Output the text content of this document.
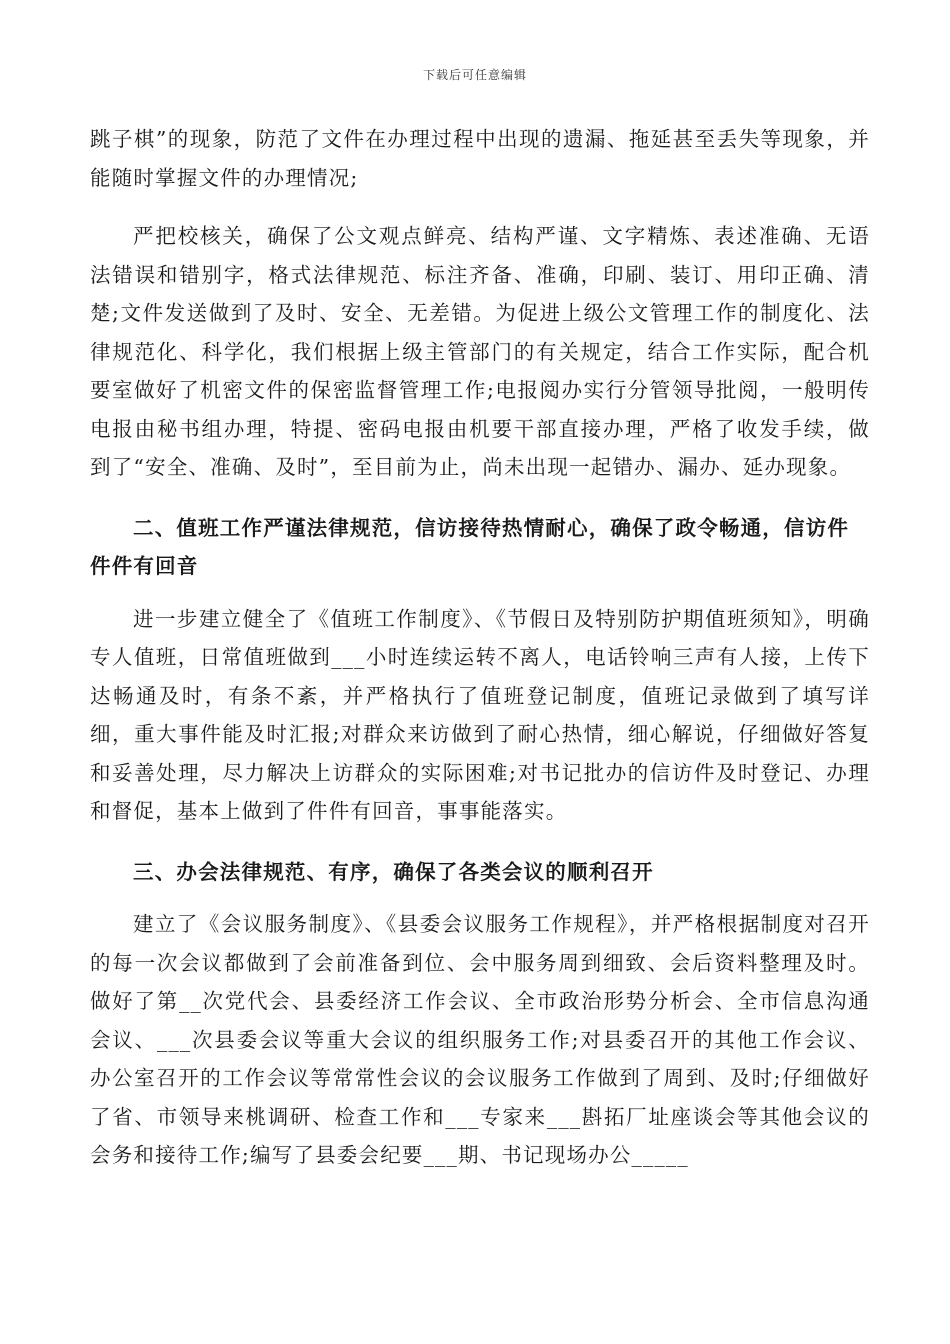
下载后可任意编辑

跳子棋”的现象，防范了文件在办理过程中出现的遗漏、拖延甚至丢失等现象，并能随时掌握文件的办理情况;

严把校核关，确保了公文观点鲜亮、结构严谨、文字精炼、表述准确、无语法错误和错别字，格式法律规范、标注齐备、准确，印刷、装订、用印正确、清楚;文件发送做到了及时、安全、无差错。为促进上级公文管理工作的制度化、法律规范化、科学化，我们根据上级主管部门的有关规定，结合工作实际，配合机要室做好了机密文件的保密监督管理工作;电报阅办实行分管领导批阅，一般明传电报由秘书组办理，特提、密码电报由机要干部直接办理，严格了收发手续，做到了“安全、准确、及时”，至目前为止，尚未出现一起错办、漏办、延办现象。

二、值班工作严谨法律规范，信访接待热情耐心，确保了政令畅通，信访件件件有回音

进一步建立健全了《值班工作制度》、《节假日及特别防护期值班须知》，明确专人值班，日常值班做到___小时连续运转不离人，电话铃响三声有人接，上传下达畅通及时，有条不紊，并严格执行了值班登记制度，值班记录做到了填写详细，重大事件能及时汇报;对群众来访做到了耐心热情，细心解说，仔细做好答复和妥善处理，尽力解决上访群众的实际困难;对书记批办的信访件及时登记、办理和督促，基本上做到了件件有回音，事事能落实。

三、办会法律规范、有序，确保了各类会议的顺利召开

建立了《会议服务制度》、《县委会议服务工作规程》，并严格根据制度对召开的每一次会议都做到了会前准备到位、会中服务周到细致、会后资料整理及时。做好了第__次党代会、县委经济工作会议、全市政治形势分析会、全市信息沟通会议、___次县委会议等重大会议的组织服务工作;对县委召开的其他工作会议、办公室召开的工作会议等常常性会议的会议服务工作做到了周到、及时;仔细做好了省、市领导来桃调研、检查工作和___专家来___斟拓厂址座谈会等其他会议的会务和接待工作;编写了县委会纪要___期、书记现场办公_____
